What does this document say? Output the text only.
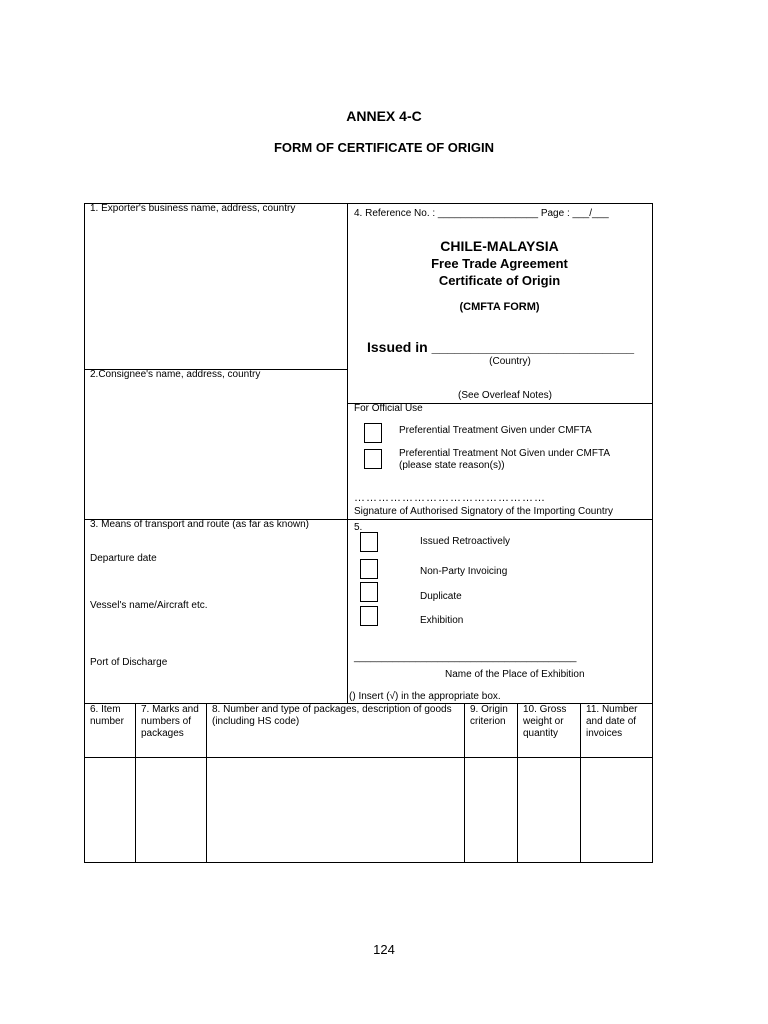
ANNEX 4-C
FORM OF CERTIFICATE OF ORIGIN
1. Exporter's business name, address, country
2.Consignee's name, address, country
3. Means of transport and route (as far as known)
Departure date
Vessel's name/Aircraft etc.
Port of Discharge
4. Reference No. : __________________ Page : ___/___
CHILE-MALAYSIA
Free Trade Agreement
Certificate of Origin
(CMFTA FORM)
Issued in __________________________
(Country)
(See Overleaf Notes)
For Official Use
Preferential Treatment Given under CMFTA
Preferential Treatment Not Given under CMFTA
(please state reason(s))
…………………………………………
Signature of Authorised Signatory of the Importing Country
5.
Issued Retroactively
Non-Party Invoicing
Duplicate
Exhibition
________________________________________
Name of the Place of Exhibition
() Insert (√) in the appropriate box.
6. Item number
7. Marks and numbers of packages
8. Number and type of packages, description of goods (including HS code)
9. Origin criterion
10. Gross weight or quantity
11. Number and date of invoices
124
